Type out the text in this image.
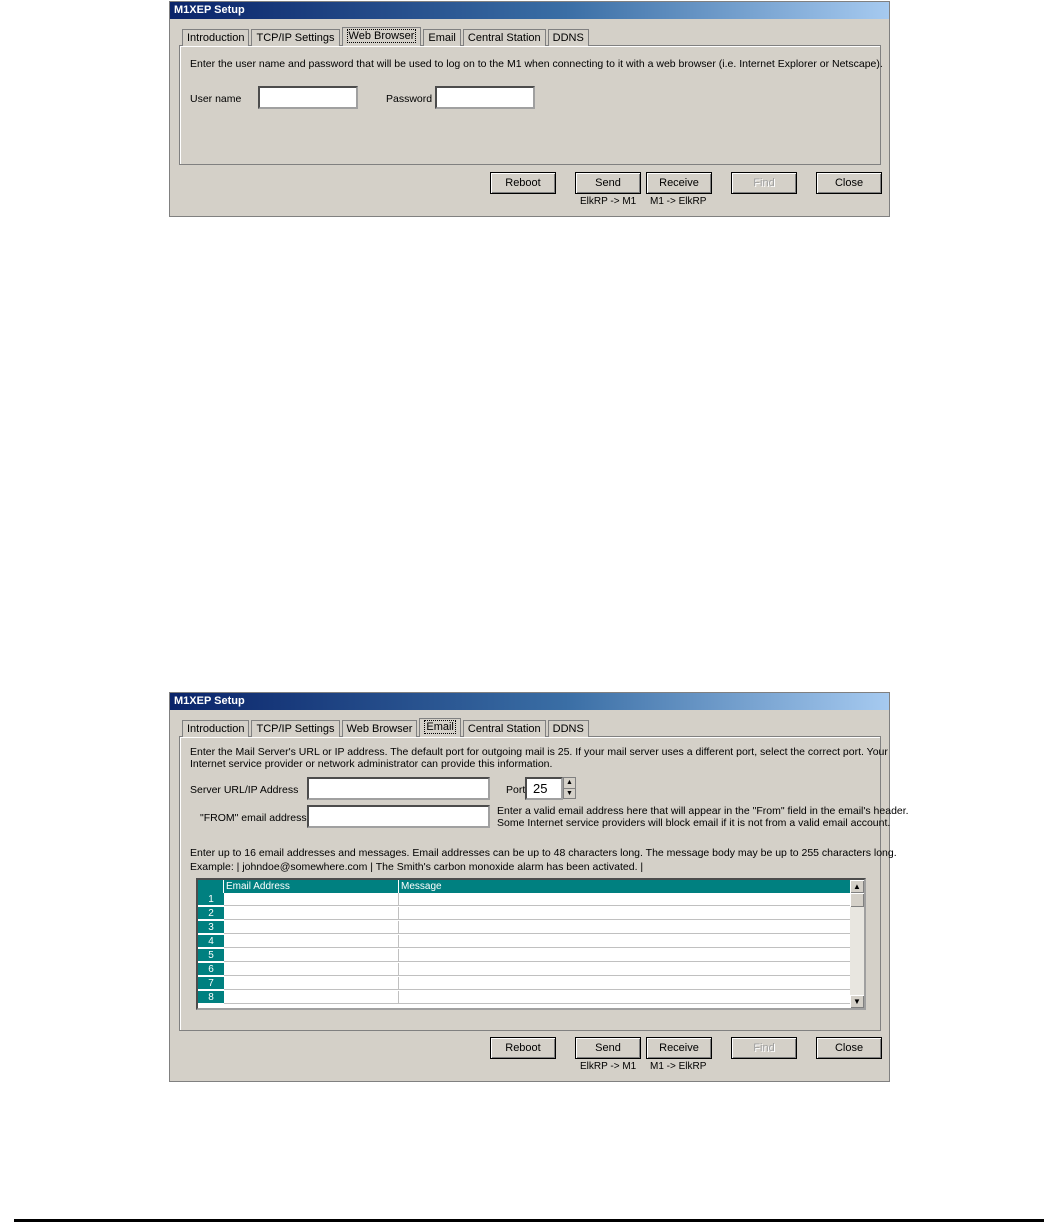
M1XEP Setup
Introduction	TCP/IP Settings	Web Browser	Email	Central Station	DDNS
Enter the user name and password that will be used to log on to the M1 when connecting to it with a web browser (i.e. Internet Explorer or Netscape).
User name	Password
Reboot	Send
ElkRP -> M1
Receive
M1 -> ElkRP
Find	Close
M1XEP Setup
Introduction	TCP/IP Settings	Web Browser	Email	Central Station	DDNS
Enter the Mail Server's URL or IP address. The default port for outgoing mail is 25. If your mail server uses a different port, select the correct port. Your
Internet service provider or network administrator can provide this information.
Server URL/IP Address	Port 25	▲
▼
"FROM" email address
Enter a valid email address here that will appear in the "From" field in the email's header.
Some Internet service providers will block email if it is not from a valid email account.
Enter up to 16 email addresses and messages. Email addresses can be up to 48 characters long. The message body may be up to 255 characters long.
Example: | johndoe@somewhere.com | The Smith's carbon monoxide alarm has been activated. |
Email Address	Message
1
2
3
4
5
6
7
8
▲
▼
Reboot	Send
ElkRP -> M1
Receive
M1 -> ElkRP
Find	Close
